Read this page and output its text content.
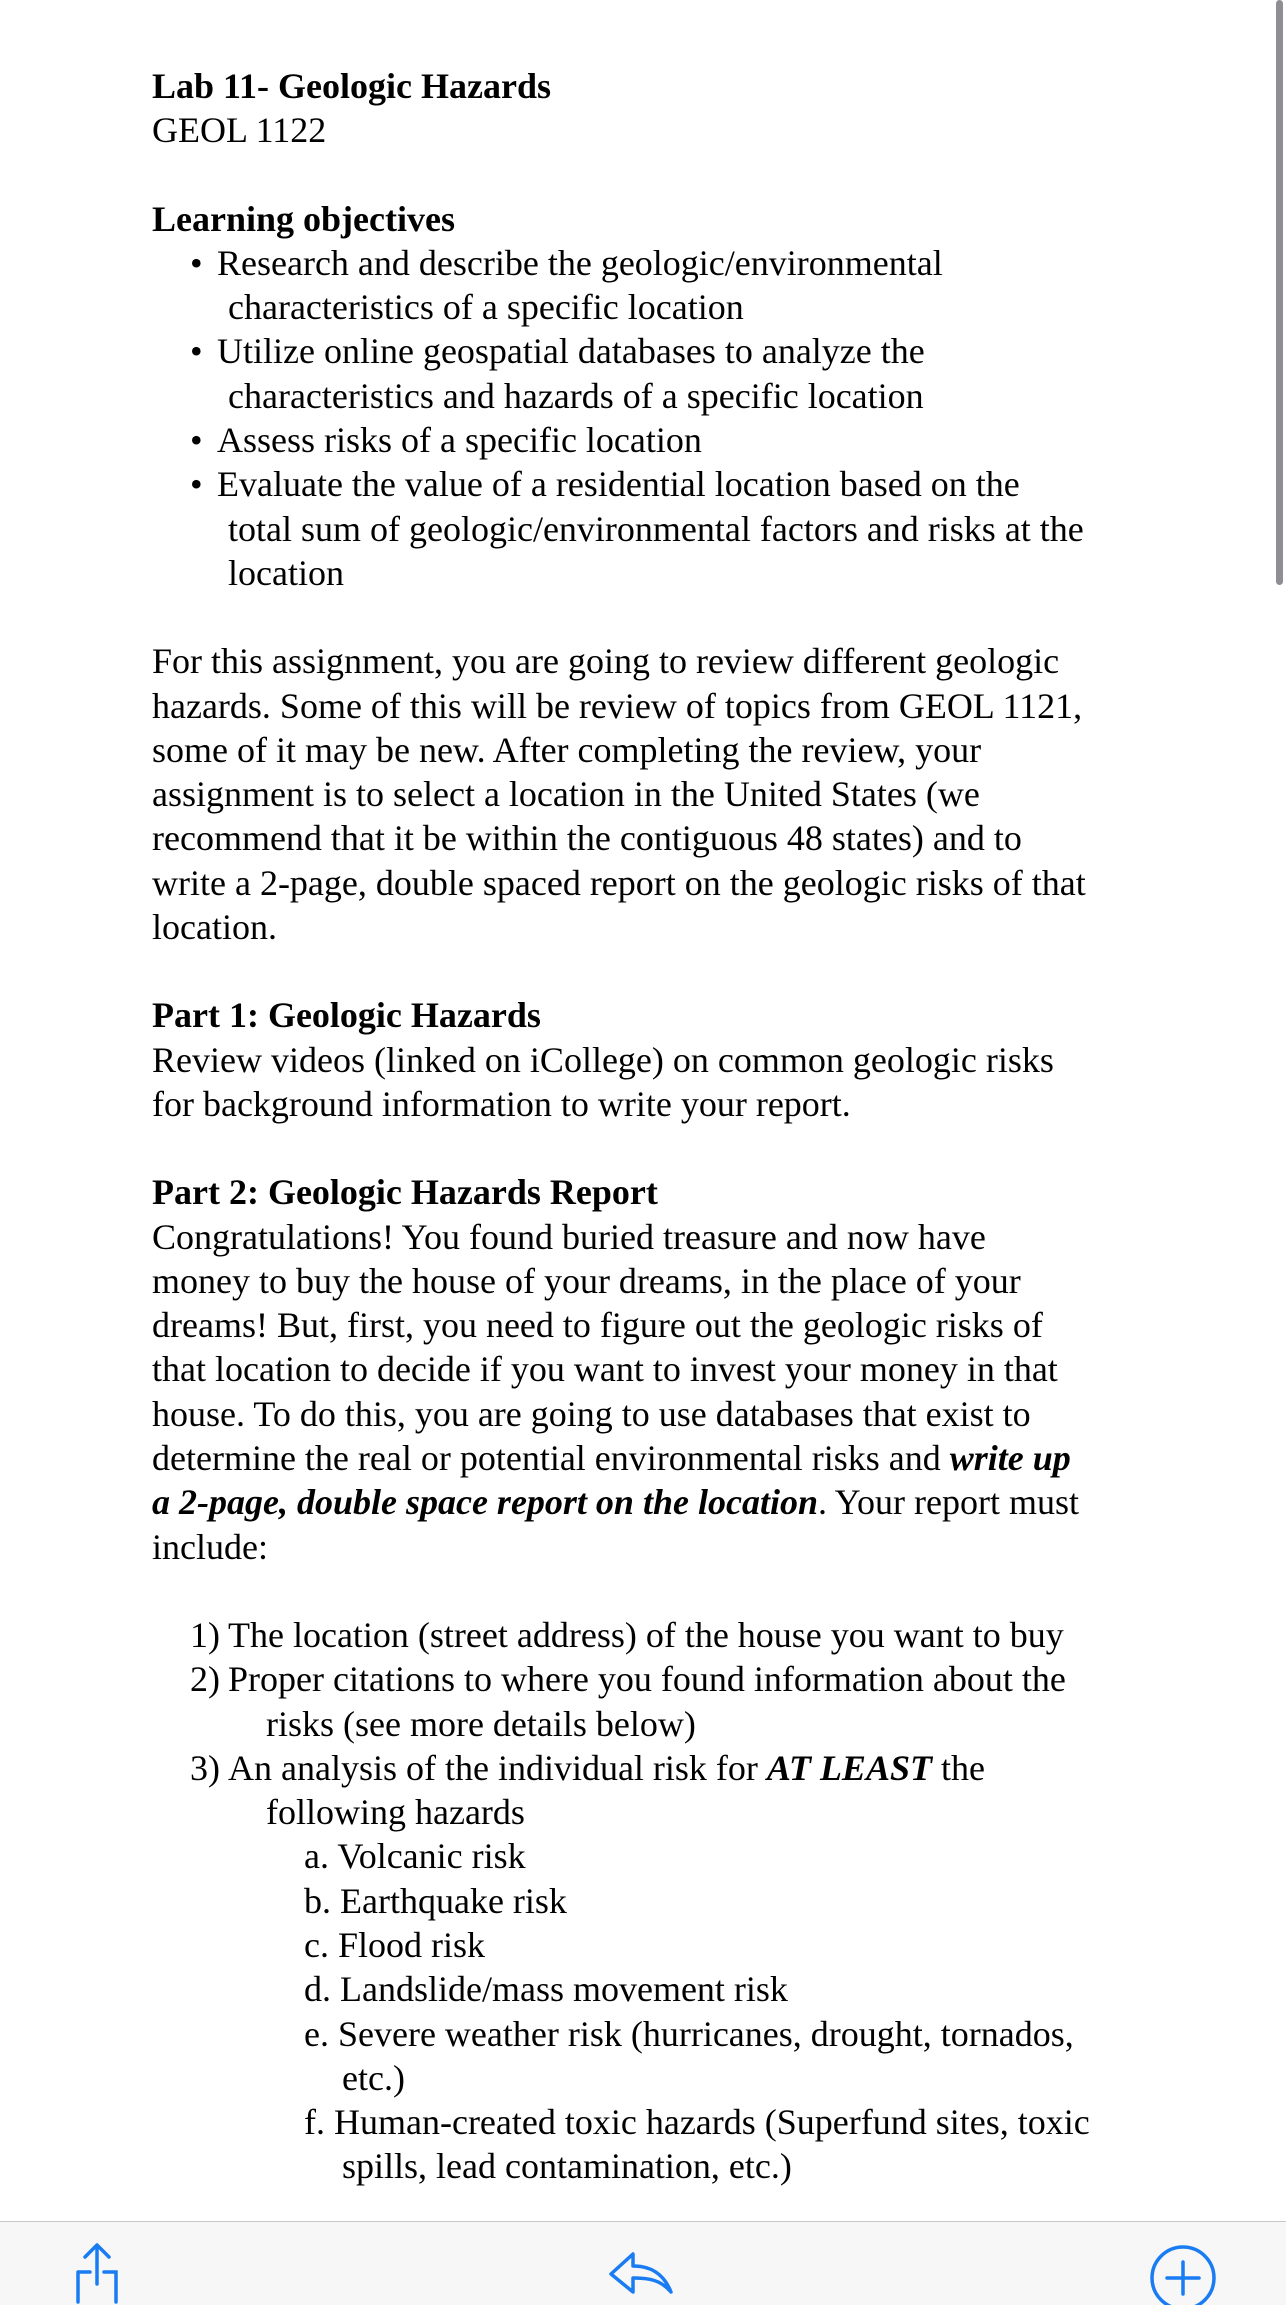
Lab 11- Geologic Hazards

GEOL 1122

Learning objectives

• Research and describe the geologic/environmental
characteristics of a specific location
• Utilize online geospatial databases to analyze the
characteristics and hazards of a specific location
• Assess risks of a specific location
• Evaluate the value of a residential location based on the
total sum of geologic/environmental factors and risks at the
location

For this assignment, you are going to review different geologic

hazards. Some of this will be review of topics from GEOL 1121,

some of it may be new. After completing the review, your

assignment is to select a location in the United States (we

recommend that it be within the contiguous 48 states) and to

write a 2-page, double spaced report on the geologic risks of that

location.

Part 1: Geologic Hazards

Review videos (linked on iCollege) on common geologic risks

for background information to write your report.

Part 2: Geologic Hazards Report

Congratulations! You found buried treasure and now have

money to buy the house of your dreams, in the place of your

dreams! But, first, you need to figure out the geologic risks of

that location to decide if you want to invest your money in that

house. To do this, you are going to use databases that exist to

determine the real or potential environmental risks and write up

a 2-page, double space report on the location. Your report must

include:

1) The location (street address) of the house you want to buy
2) Proper citations to where you found information about the
risks (see more details below)
3) An analysis of the individual risk for AT LEAST the
following hazards
a. Volcanic risk
b. Earthquake risk
c. Flood risk
d. Landslide/mass movement risk
e. Severe weather risk (hurricanes, drought, tornados,
etc.)
f. Human-created toxic hazards (Superfund sites, toxic
spills, lead contamination, etc.)
